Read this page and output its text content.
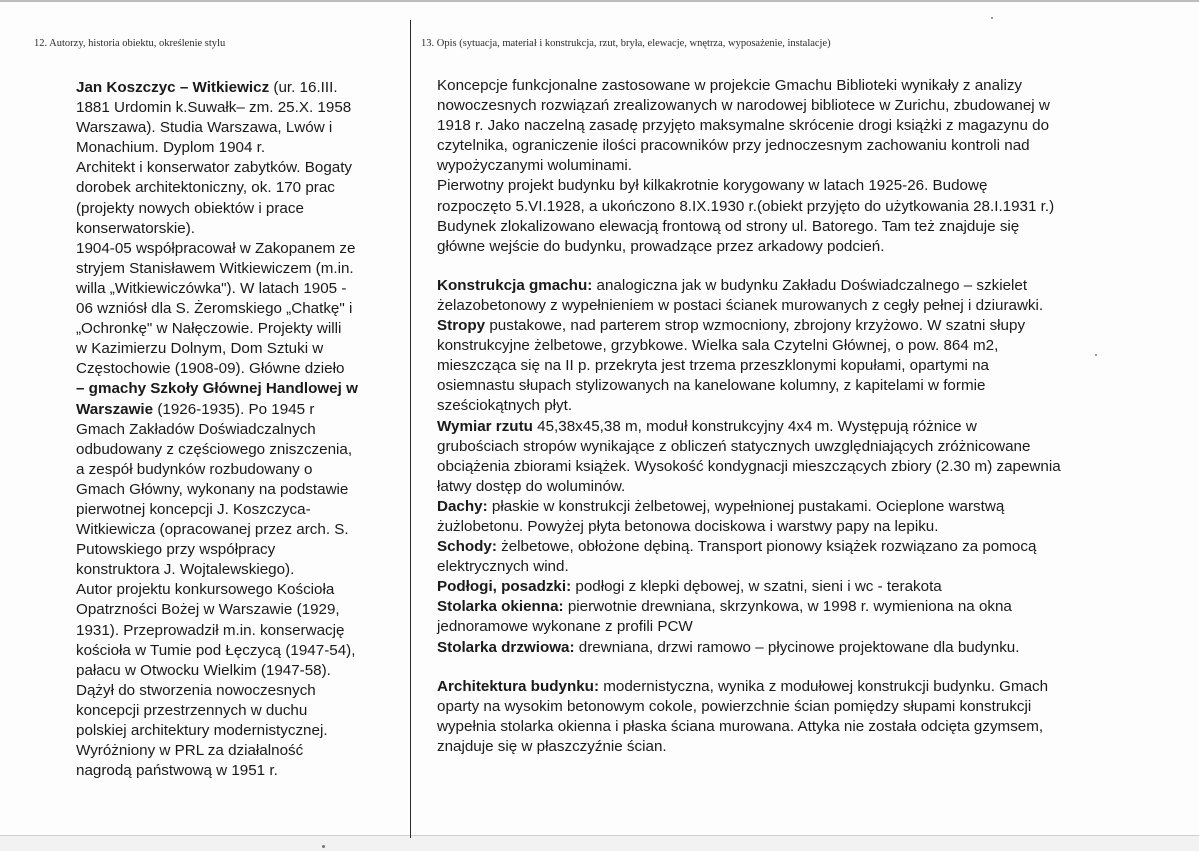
12. Autorzy, historia obiektu, określenie stylu	13. Opis (sytuacja, materiał i konstrukcja, rzut, bryła, elewacje, wnętrza, wyposażenie, instalacje)
Jan Koszczyc – Witkiewicz (ur. 16.III.
1881 Urdomin k.Suwałk– zm. 25.X. 1958
Warszawa). Studia Warszawa, Lwów i
Monachium. Dyplom 1904 r.
Architekt i konserwator zabytków. Bogaty
dorobek architektoniczny, ok. 170 prac
(projekty nowych obiektów i prace
konserwatorskie).
1904-05 współpracował w Zakopanem ze
stryjem Stanisławem Witkiewiczem (m.in.
willa „Witkiewiczówka"). W latach 1905 -
06 wzniósł dla S. Żeromskiego „Chatkę" i
„Ochronkę" w Nałęczowie. Projekty willi
w Kazimierzu Dolnym, Dom Sztuki w
Częstochowie (1908-09). Główne dzieło
– gmachy Szkoły Głównej Handlowej w
Warszawie (1926-1935). Po 1945 r
Gmach Zakładów Doświadczalnych
odbudowany z częściowego zniszczenia,
a zespół budynków rozbudowany o
Gmach Główny, wykonany na podstawie
pierwotnej koncepcji J. Koszczyca-
Witkiewicza (opracowanej przez arch. S.
Putowskiego przy współpracy
konstruktora J. Wojtalewskiego).
Autor projektu konkursowego Kościoła
Opatrzności Bożej w Warszawie (1929,
1931). Przeprowadził m.in. konserwację
kościoła w Tumie pod Łęczycą (1947-54),
pałacu w Otwocku Wielkim (1947-58).
Dążył do stworzenia nowoczesnych
koncepcji przestrzennych w duchu
polskiej architektury modernistycznej.
Wyróżniony w PRL za działalność
nagrodą państwową w 1951 r.
Koncepcje funkcjonalne zastosowane w projekcie Gmachu Biblioteki wynikały z analizy
nowoczesnych rozwiązań zrealizowanych w narodowej bibliotece w Zurichu, zbudowanej w
1918 r. Jako naczelną zasadę przyjęto maksymalne skrócenie drogi książki z magazynu do
czytelnika, ograniczenie ilości pracowników przy jednoczesnym zachowaniu kontroli nad
wypożyczanymi woluminami.
Pierwotny projekt budynku był kilkakrotnie korygowany w latach 1925-26. Budowę
rozpoczęto 5.VI.1928, a ukończono 8.IX.1930 r.(obiekt przyjęto do użytkowania 28.I.1931 r.)
Budynek zlokalizowano elewacją frontową od strony ul. Batorego. Tam też znajduje się
główne wejście do budynku, prowadzące przez arkadowy podcień.
Konstrukcja gmachu: analogiczna jak w budynku Zakładu Doświadczalnego – szkielet
żelazobetonowy z wypełnieniem w postaci ścianek murowanych z cegły pełnej i dziurawki.
Stropy pustakowe, nad parterem strop wzmocniony, zbrojony krzyżowo. W szatni słupy
konstrukcyjne żelbetowe, grzybkowe. Wielka sala Czytelni Głównej, o pow. 864 m2,
mieszcząca się na II p. przekryta jest trzema przeszklonymi kopułami, opartymi na
osiemnastu słupach stylizowanych na kanelowane kolumny, z kapitelami w formie
sześciokątnych płyt.
Wymiar rzutu 45,38x45,38 m, moduł konstrukcyjny 4x4 m. Występują różnice w
grubościach stropów wynikające z obliczeń statycznych uwzględniających zróżnicowane
obciążenia zbiorami książek. Wysokość kondygnacji mieszczących zbiory (2.30 m) zapewnia
łatwy dostęp do woluminów.
Dachy: płaskie w konstrukcji żelbetowej, wypełnionej pustakami. Ocieplone warstwą
żużlobetonu. Powyżej płyta betonowa dociskowa i warstwy papy na lepiku.
Schody: żelbetowe, obłożone dębiną. Transport pionowy książek rozwiązano za pomocą
elektrycznych wind.
Podłogi, posadzki: podłogi z klepki dębowej, w szatni, sieni i wc - terakota
Stolarka okienna: pierwotnie drewniana, skrzynkowa, w 1998 r. wymieniona na okna
jednoramowe wykonane z profili PCW
Stolarka drzwiowa: drewniana, drzwi ramowo – płycinowe projektowane dla budynku.
Architektura budynku: modernistyczna, wynika z modułowej konstrukcji budynku. Gmach
oparty na wysokim betonowym cokole, powierzchnie ścian pomiędzy słupami konstrukcji
wypełnia stolarka okienna i płaska ściana murowana. Attyka nie została odcięta gzymsem,
znajduje się w płaszczyźnie ścian.
